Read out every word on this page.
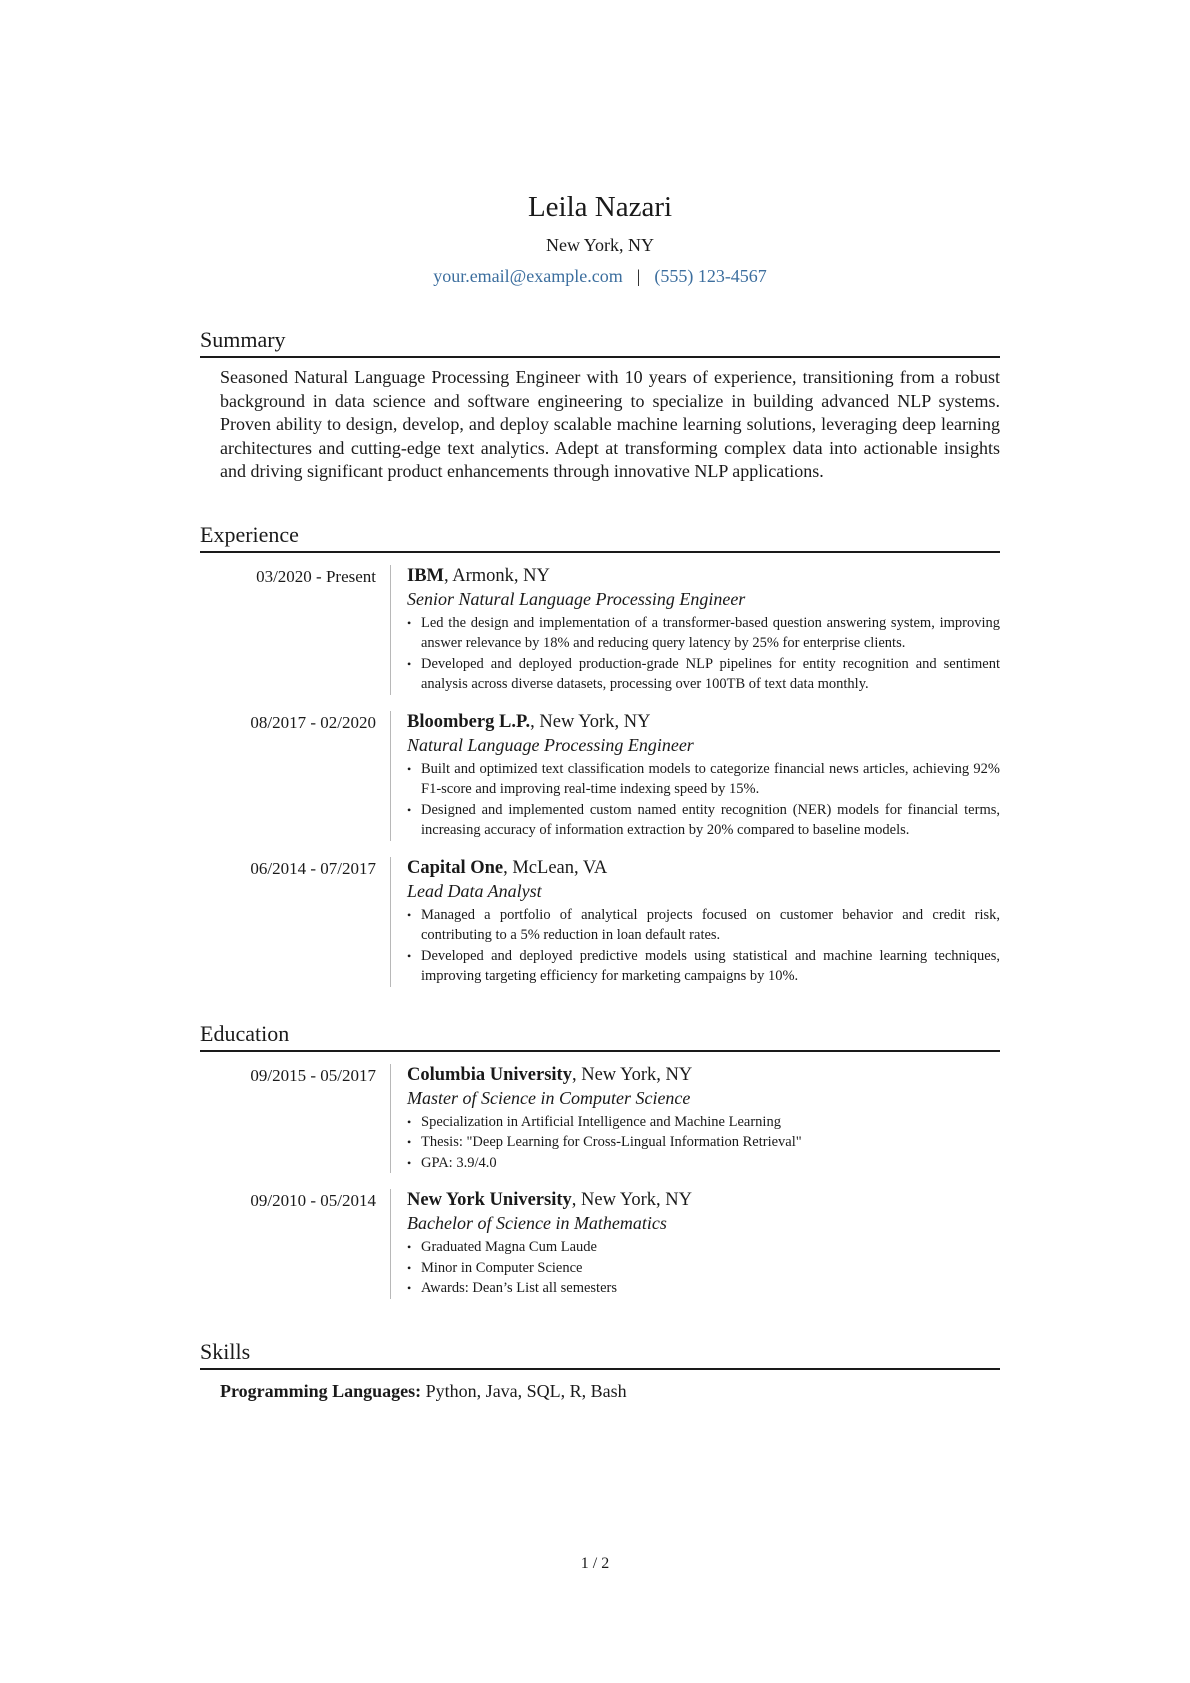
Leila Nazari
New York, NY
your.email@example.com | (555) 123-4567
Summary

Seasoned Natural Language Processing Engineer with 10 years of experience, transitioning from a robust background in data science and software engineering to specialize in building advanced NLP systems. Proven ability to design, develop, and deploy scalable machine learning solutions, leveraging deep learning architectures and cutting-edge text analytics. Adept at transforming complex data into actionable insights and driving significant product enhancements through innovative NLP applications.

Experience
03/2020 - Present	IBM, Armonk, NY
Senior Natural Language Processing Engineer
• Led the design and implementation of a transformer-based question answering system, improving answer relevance by 18% and reducing query latency by 25% for enterprise clients.
• Developed and deployed production-grade NLP pipelines for entity recognition and sentiment analysis across diverse datasets, processing over 100TB of text data monthly.
08/2017 - 02/2020	Bloomberg L.P., New York, NY
Natural Language Processing Engineer
• Built and optimized text classification models to categorize financial news articles, achieving 92% F1-score and improving real-time indexing speed by 15%.
• Designed and implemented custom named entity recognition (NER) models for financial terms, increasing accuracy of information extraction by 20% compared to baseline models.
06/2014 - 07/2017	Capital One, McLean, VA
Lead Data Analyst
• Managed a portfolio of analytical projects focused on customer behavior and credit risk, contributing to a 5% reduction in loan default rates.
• Developed and deployed predictive models using statistical and machine learning techniques, improving targeting efficiency for marketing campaigns by 10%.
Education
09/2015 - 05/2017	Columbia University, New York, NY
Master of Science in Computer Science
• Specialization in Artificial Intelligence and Machine Learning
• Thesis: "Deep Learning for Cross-Lingual Information Retrieval"
• GPA: 3.9/4.0
09/2010 - 05/2014	New York University, New York, NY
Bachelor of Science in Mathematics
• Graduated Magna Cum Laude
• Minor in Computer Science
• Awards: Dean’s List all semesters
Skills
Programming Languages: Python, Java, SQL, R, Bash
1 / 2
